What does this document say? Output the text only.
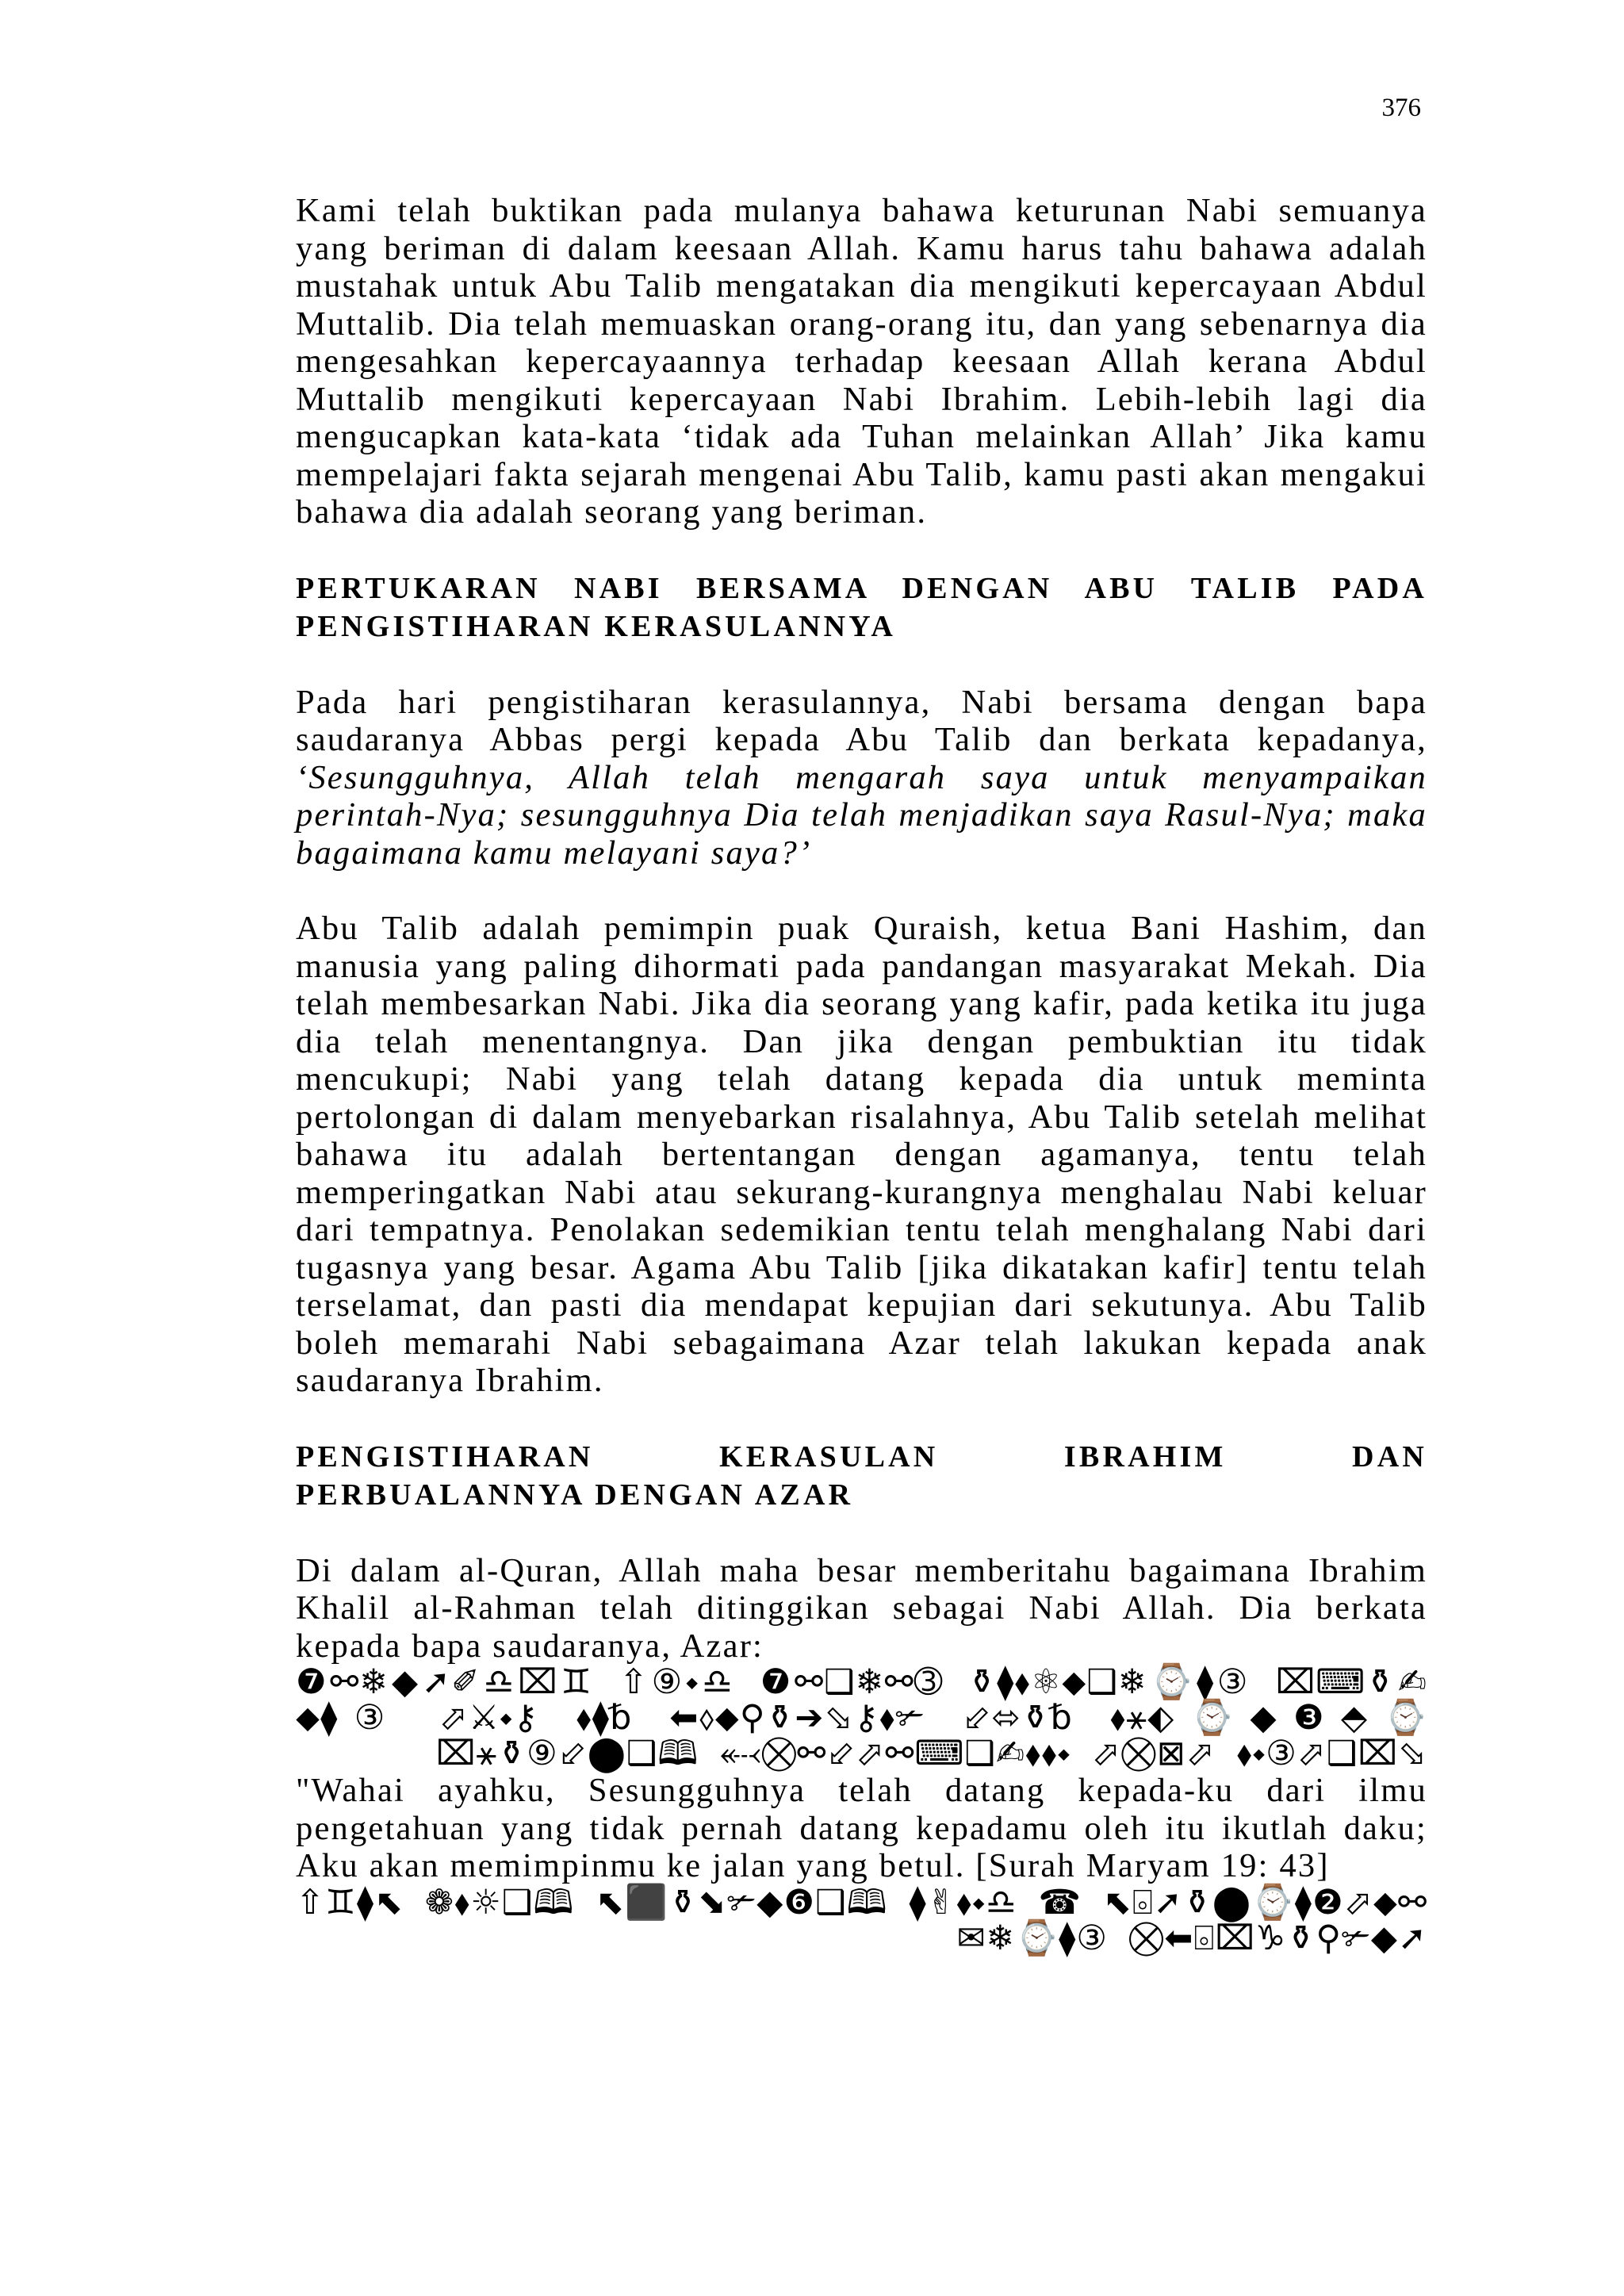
376

Kami telah buktikan pada mulanya bahawa keturunan Nabi semuanya yang beriman di dalam keesaan Allah. Kamu harus tahu bahawa adalah mustahak untuk Abu Talib mengatakan dia mengikuti kepercayaan Abdul Muttalib. Dia telah memuaskan orang-orang itu, dan yang sebenarnya dia mengesahkan kepercayaannya terhadap keesaan Allah kerana Abdul Muttalib mengikuti kepercayaan Nabi Ibrahim. Lebih-lebih lagi dia mengucapkan kata-kata ‘tidak ada Tuhan melainkan Allah’ Jika kamu mempelajari fakta sejarah mengenai Abu Talib, kamu pasti akan mengakui bahawa dia adalah seorang yang beriman.

PERTUKARAN NABI BERSAMA DENGAN ABU TALIB PADA PENGISTIHARAN KERASULANNYA

Pada hari pengistiharan kerasulannya, Nabi bersama dengan bapa saudaranya Abbas pergi kepada Abu Talib dan berkata kepadanya, ‘Sesungguhnya, Allah telah mengarah saya untuk menyampaikan perintah-Nya; sesungguhnya Dia telah menjadikan saya Rasul-Nya; maka bagaimana kamu melayani saya?’

Abu Talib adalah pemimpin puak Quraish, ketua Bani Hashim, dan manusia yang paling dihormati pada pandangan masyarakat Mekah. Dia telah membesarkan Nabi. Jika dia seorang yang kafir, pada ketika itu juga dia telah menentangnya. Dan jika dengan pembuktian itu tidak mencukupi; Nabi yang telah datang kepada dia untuk meminta pertolongan di dalam menyebarkan risalahnya, Abu Talib setelah melihat bahawa itu adalah bertentangan dengan agamanya, tentu telah memperingatkan Nabi atau sekurang-kurangnya menghalau Nabi keluar dari tempatnya. Penolakan sedemikian tentu telah menghalang Nabi dari tugasnya yang besar. Agama Abu Talib [jika dikatakan kafir] tentu telah terselamat, dan pasti dia mendapat kepujian dari sekutunya. Abu Talib boleh memarahi Nabi sebagaimana Azar telah lakukan kepada anak saudaranya Ibrahim.

PENGISTIHARAN	KERASULAN	IBRAHIM	DAN
PERBUALANNYA DENGAN AZAR

Di dalam al-Quran, Allah maha besar memberitahu bagaimana Ibrahim Khalil al-Rahman telah ditinggikan sebagai Nabi Allah. Dia berkata kepada bapa saudaranya, Azar:

❼⚯❄◆➚✐♎⌧♊ ⇧⑨⬩♎ ❼⚯❑❄⚯➂ ⚱⧫⬧⚛⬥❑❄⌚⧫③ ⌧⌨⚱✍⬥⧫③ ⬀⚔⬩⚷ ⬧⧫␢ ⬅⬨⬥⚲⚱➔⬂⚷⬧✃ ⬃⬄⚱␢ ⬧⚹⬖⌚◆❸⬘⌚ ⌧⚹⚱⑨⬃⬤❑🕮 ⬷⛒⚯⬃⬀⚯⌨❑✍⬧⬧⬩ ⬀⛒⊠⬀ ⬧⬩③⬀❑⌧⬂

"Wahai ayahku, Sesungguhnya telah datang kepada-ku dari ilmu pengetahuan yang tidak pernah datang kepadamu oleh itu ikutlah daku; Aku akan memimpinmu ke jalan yang betul. [Surah Maryam 19: 43]

⇧♊⧫⬉ ❁⬧☼❑🕮 ⬉⬛⚱⬊✃◆❻❑🕮 ⧫✌⬧⬩♎ ☎ ⬉⌻➚⚱⬤⌚⧫❷⬀⬥⚯✉❄⌚⧫③ ⛒⬅⌻⌧♑⚱⚲✃◆➚
